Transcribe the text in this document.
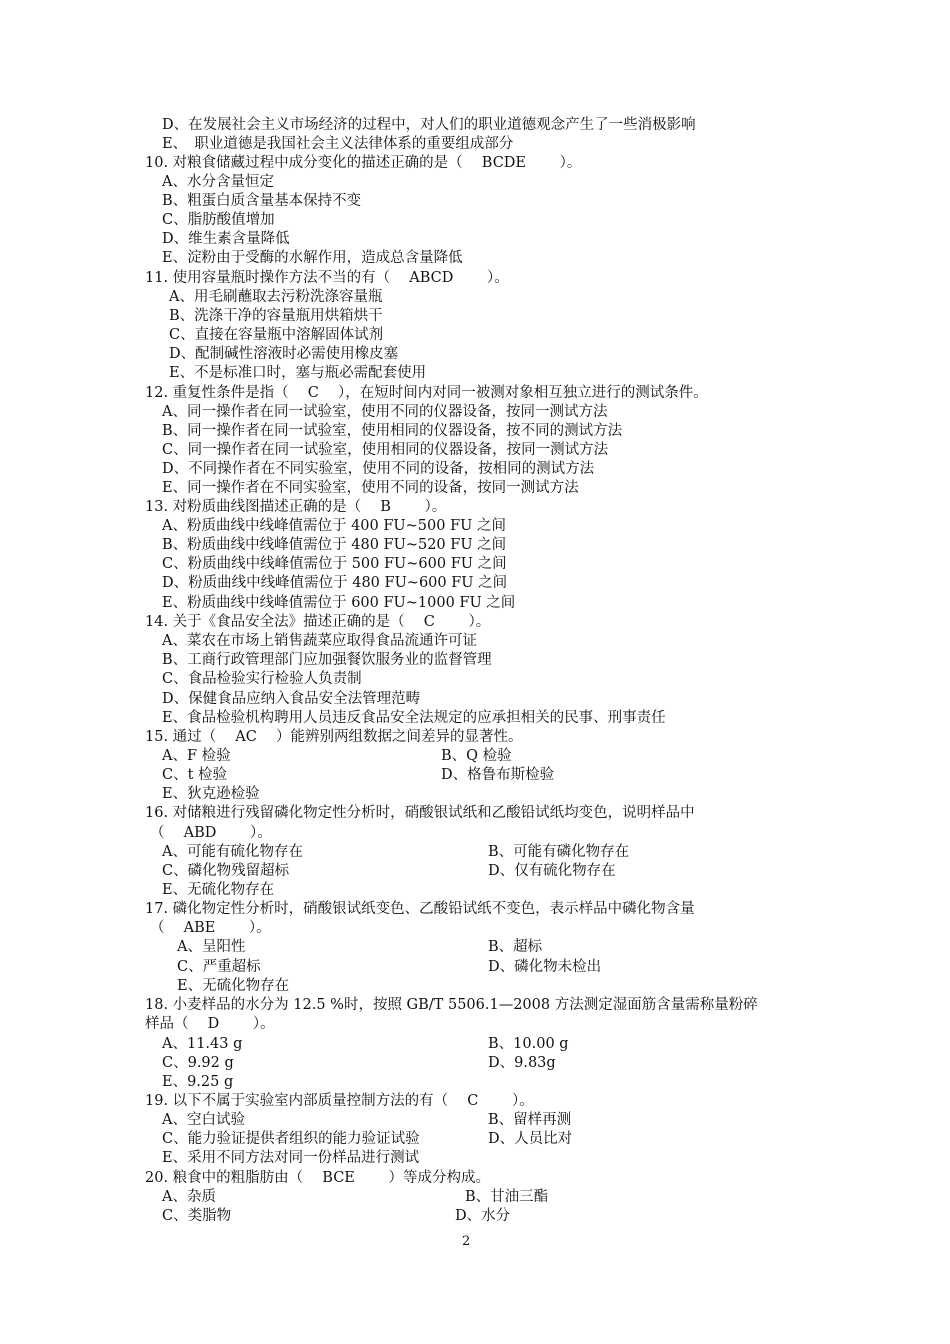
D、在发展社会主义市场经济的过程中，对人们的职业道德观念产生了一些消极影响
E、　职业道德是我国社会主义法律体系的重要组成部分
10. 对粮食储藏过程中成分变化的描述正确的是（　 BCDE　　 ）。
A、水分含量恒定
B、粗蛋白质含量基本保持不变
C、脂肪酸值增加
D、维生素含量降低
E、淀粉由于受酶的水解作用，造成总含量降低
11. 使用容量瓶时操作方法不当的有（　 ABCD　　 ）。
A、用毛刷蘸取去污粉洗涤容量瓶
B、洗涤干净的容量瓶用烘箱烘干
C、直接在容量瓶中溶解固体试剂
D、配制碱性溶液时必需使用橡皮塞
E、不是标准口时，塞与瓶必需配套使用
12. 重复性条件是指（　 C　 ），在短时间内对同一被测对象相互独立进行的测试条件。
A、同一操作者在同一试验室，使用不同的仪器设备，按同一测试方法
B、同一操作者在同一试验室，使用相同的仪器设备，按不同的测试方法
C、同一操作者在同一试验室，使用相同的仪器设备，按同一测试方法
D、不同操作者在不同实验室，使用不同的设备，按相同的测试方法
E、同一操作者在不同实验室，使用不同的设备，按同一测试方法
13. 对粉质曲线图描述正确的是（　 B　　 ）。
A、粉质曲线中线峰值需位于 400 FU~500 FU 之间
B、粉质曲线中线峰值需位于 480 FU~520 FU 之间
C、粉质曲线中线峰值需位于 500 FU~600 FU 之间
D、粉质曲线中线峰值需位于 480 FU~600 FU 之间
E、粉质曲线中线峰值需位于 600 FU~1000 FU 之间
14. 关于《食品安全法》描述正确的是（　 C　　 ）。
A、菜农在市场上销售蔬菜应取得食品流通许可证
B、工商行政管理部门应加强餐饮服务业的监督管理
C、食品检验实行检验人负责制
D、保健食品应纳入食品安全法管理范畴
E、食品检验机构聘用人员违反食品安全法规定的应承担相关的民事、刑事责任
15. 通过（　 AC　 ）能辨别两组数据之间差异的显著性。
A、F 检验	B、Q 检验
C、t 检验	D、格鲁布斯检验
E、狄克逊检验
16. 对储粮进行残留磷化物定性分析时，硝酸银试纸和乙酸铅试纸均变色，说明样品中
（　 ABD　　 ）。
A、可能有硫化物存在	B、可能有磷化物存在
C、磷化物残留超标	D、仅有硫化物存在
E、无硫化物存在
17. 磷化物定性分析时，硝酸银试纸变色、乙酸铅试纸不变色，表示样品中磷化物含量
（　 ABE　　 ）。
A、呈阳性	B、超标
C、严重超标	D、磷化物未检出
E、无硫化物存在
18. 小麦样品的水分为 12.5 %时，按照 GB/T 5506.1—2008 方法测定湿面筋含量需称量粉碎
样品（　 D　　 ）。
A、11.43 g	B、10.00 g
C、9.92 g	D、9.83g
E、9.25 g
19. 以下不属于实验室内部质量控制方法的有（　 C　　 ）。
A、空白试验	B、留样再测
C、能力验证提供者组织的能力验证试验	D、人员比对
E、采用不同方法对同一份样品进行测试
20. 粮食中的粗脂肪由（　 BCE　　 ）等成分构成。
A、杂质	B、甘油三酯
C、类脂物	D、水分
2
